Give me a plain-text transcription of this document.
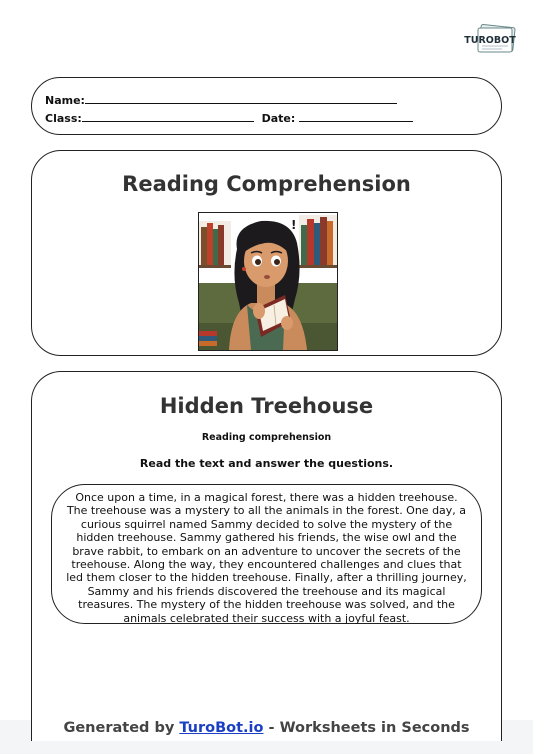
TUROBOT
Name:
Class:	Date:
Reading Comprehension
!
Hidden Treehouse
Reading comprehension
Read the text and answer the questions.
Once upon a time, in a magical forest, there was a hidden treehouse. The treehouse was a mystery to all the animals in the forest. One day, a curious squirrel named Sammy decided to solve the mystery of the hidden treehouse. Sammy gathered his friends, the wise owl and the brave rabbit, to embark on an adventure to uncover the secrets of the treehouse. Along the way, they encountered challenges and clues that led them closer to the hidden treehouse. Finally, after a thrilling journey, Sammy and his friends discovered the treehouse and its magical treasures. The mystery of the hidden treehouse was solved, and the animals celebrated their success with a joyful feast.
Generated by TuroBot.io - Worksheets in Seconds
